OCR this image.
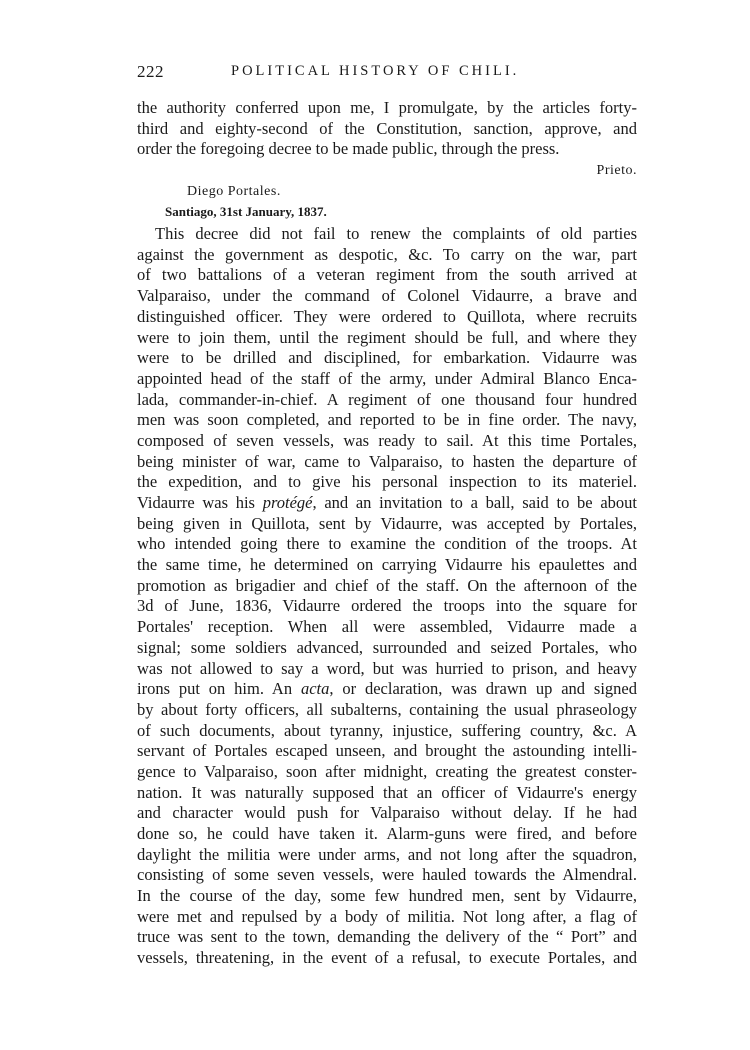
222	POLITICAL HISTORY OF CHILI.
the authority conferred upon me, I promulgate, by the articles forty-
third and eighty-second of the Constitution, sanction, approve, and
order the foregoing decree to be made public, through the press.
Prieto.
Diego Portales.
Santiago, 31st January, 1837.
This decree did not fail to renew the complaints of old parties
against the government as despotic, &c. To carry on the war, part
of two battalions of a veteran regiment from the south arrived at
Valparaiso, under the command of Colonel Vidaurre, a brave and
distinguished officer. They were ordered to Quillota, where recruits
were to join them, until the regiment should be full, and where they
were to be drilled and disciplined, for embarkation. Vidaurre was
appointed head of the staff of the army, under Admiral Blanco Enca-
lada, commander-in-chief. A regiment of one thousand four hundred
men was soon completed, and reported to be in fine order. The navy,
composed of seven vessels, was ready to sail. At this time Portales,
being minister of war, came to Valparaiso, to hasten the departure of
the expedition, and to give his personal inspection to its materiel.
Vidaurre was his protégé, and an invitation to a ball, said to be about
being given in Quillota, sent by Vidaurre, was accepted by Portales,
who intended going there to examine the condition of the troops. At
the same time, he determined on carrying Vidaurre his epaulettes and
promotion as brigadier and chief of the staff. On the afternoon of the
3d of June, 1836, Vidaurre ordered the troops into the square for
Portales' reception. When all were assembled, Vidaurre made a
signal; some soldiers advanced, surrounded and seized Portales, who
was not allowed to say a word, but was hurried to prison, and heavy
irons put on him. An acta, or declaration, was drawn up and signed
by about forty officers, all subalterns, containing the usual phraseology
of such documents, about tyranny, injustice, suffering country, &c. A
servant of Portales escaped unseen, and brought the astounding intelli-
gence to Valparaiso, soon after midnight, creating the greatest conster-
nation. It was naturally supposed that an officer of Vidaurre's energy
and character would push for Valparaiso without delay. If he had
done so, he could have taken it. Alarm-guns were fired, and before
daylight the militia were under arms, and not long after the squadron,
consisting of some seven vessels, were hauled towards the Almendral.
In the course of the day, some few hundred men, sent by Vidaurre,
were met and repulsed by a body of militia. Not long after, a flag of
truce was sent to the town, demanding the delivery of the “ Port” and
vessels, threatening, in the event of a refusal, to execute Portales, and
